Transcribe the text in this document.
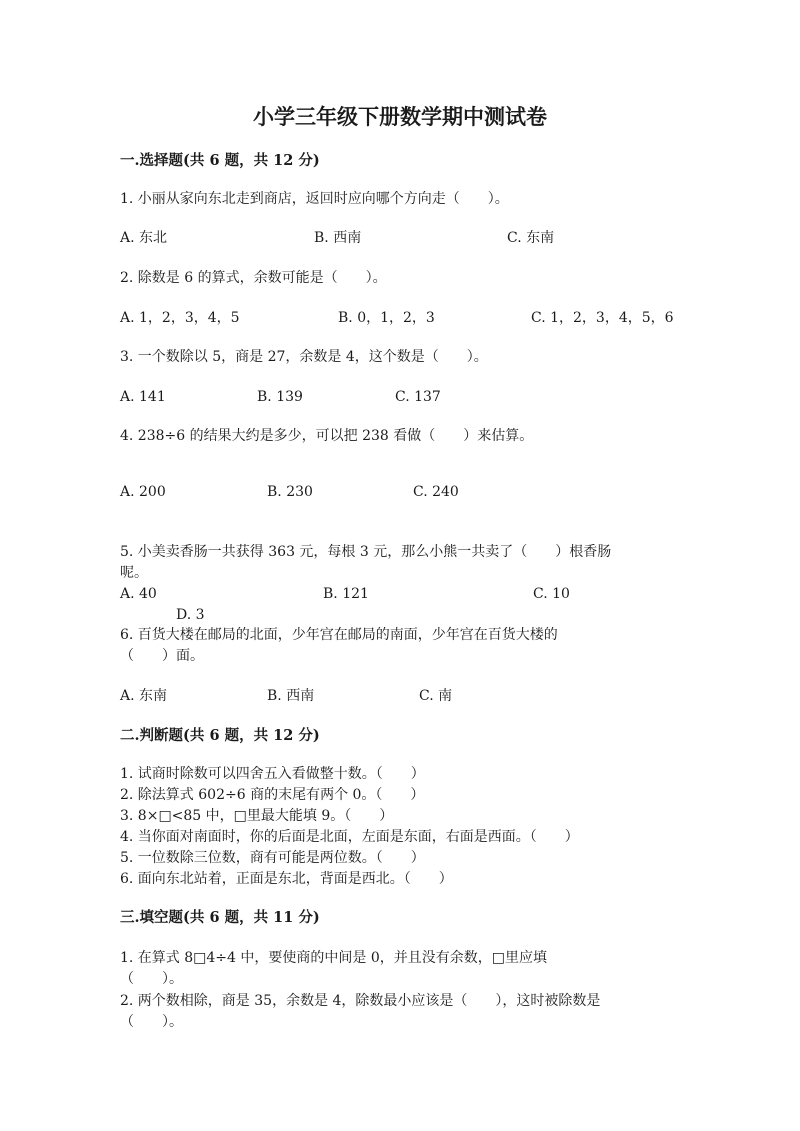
小学三年级下册数学期中测试卷
一.选择题(共 6 题，共 12 分)
1. 小丽从家向东北走到商店，返回时应向哪个方向走（　　）。
A. 东北	B. 西南	C. 东南
2. 除数是 6 的算式，余数可能是（　　）。
A. 1，2，3，4，5	B. 0，1，2，3	C. 1，2，3，4，5，6
3. 一个数除以 5，商是 27，余数是 4，这个数是（　　）。
A. 141	B. 139	C. 137
4. 238÷6 的结果大约是多少，可以把 238 看做（　　）来估算。
A. 200	B. 230	C. 240
5. 小美卖香肠一共获得 363 元，每根 3 元，那么小熊一共卖了（　　）根香肠
呢。
A. 40	B. 121	C. 10
D. 3
6. 百货大楼在邮局的北面，少年宫在邮局的南面，少年宫在百货大楼的
（　　）面。
A. 东南	B. 西南	C. 南
二.判断题(共 6 题，共 12 分)
1. 试商时除数可以四舍五入看做整十数。（　　）
2. 除法算式 602÷6 商的末尾有两个 0。（　　）
3. 8×□<85 中，□里最大能填 9。（　　）
4. 当你面对南面时，你的后面是北面，左面是东面，右面是西面。（　　）
5. 一位数除三位数，商有可能是两位数。（　　）
6. 面向东北站着，正面是东北，背面是西北。（　　）
三.填空题(共 6 题，共 11 分)
1. 在算式 8□4÷4 中，要使商的中间是 0，并且没有余数，□里应填
（　　）。
2. 两个数相除，商是 35，余数是 4，除数最小应该是（　　），这时被除数是
（　　）。
